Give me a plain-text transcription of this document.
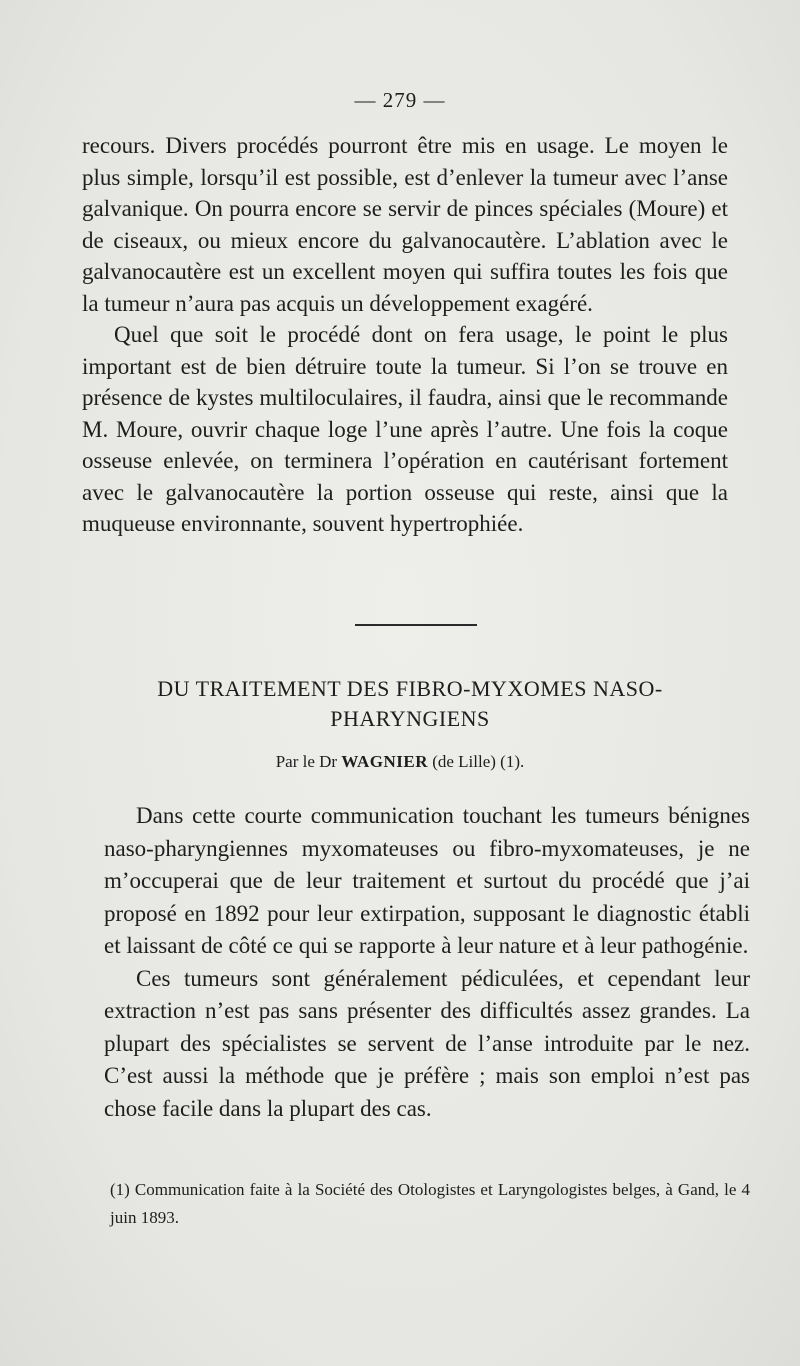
— 279 —

recours. Divers procédés pourront être mis en usage. Le moyen le plus simple, lorsqu’il est possible, est d’enlever la tumeur avec l’anse galvanique. On pourra encore se servir de pinces spéciales (Moure) et de ciseaux, ou mieux encore du galvanocautère. L’ablation avec le galvanocautère est un excellent moyen qui suffira toutes les fois que la tumeur n’aura pas acquis un développement exagéré.

Quel que soit le procédé dont on fera usage, le point le plus important est de bien détruire toute la tumeur. Si l’on se trouve en présence de kystes multiloculaires, il faudra, ainsi que le recommande M. Moure, ouvrir chaque loge l’une après l’autre. Une fois la coque osseuse enlevée, on terminera l’opération en cautérisant fortement avec le galvanocautère la portion osseuse qui reste, ainsi que la muqueuse environnante, souvent hypertrophiée.

DU TRAITEMENT DES FIBRO-MYXOMES NASO-
PHARYNGIENS
Par le Dr WAGNIER (de Lille) (1).

Dans cette courte communication touchant les tumeurs bénignes naso-pharyngiennes myxomateuses ou fibro-myxomateuses, je ne m’occuperai que de leur traitement et surtout du procédé que j’ai proposé en 1892 pour leur extirpation, supposant le diagnostic établi et laissant de côté ce qui se rapporte à leur nature et à leur pathogénie.

Ces tumeurs sont généralement pédiculées, et cependant leur extraction n’est pas sans présenter des difficultés assez grandes. La plupart des spécialistes se servent de l’anse introduite par le nez. C’est aussi la méthode que je préfère ; mais son emploi n’est pas chose facile dans la plupart des cas.

(1) Communication faite à la Société des Otologistes et Laryngologistes belges, à Gand, le 4 juin 1893.
